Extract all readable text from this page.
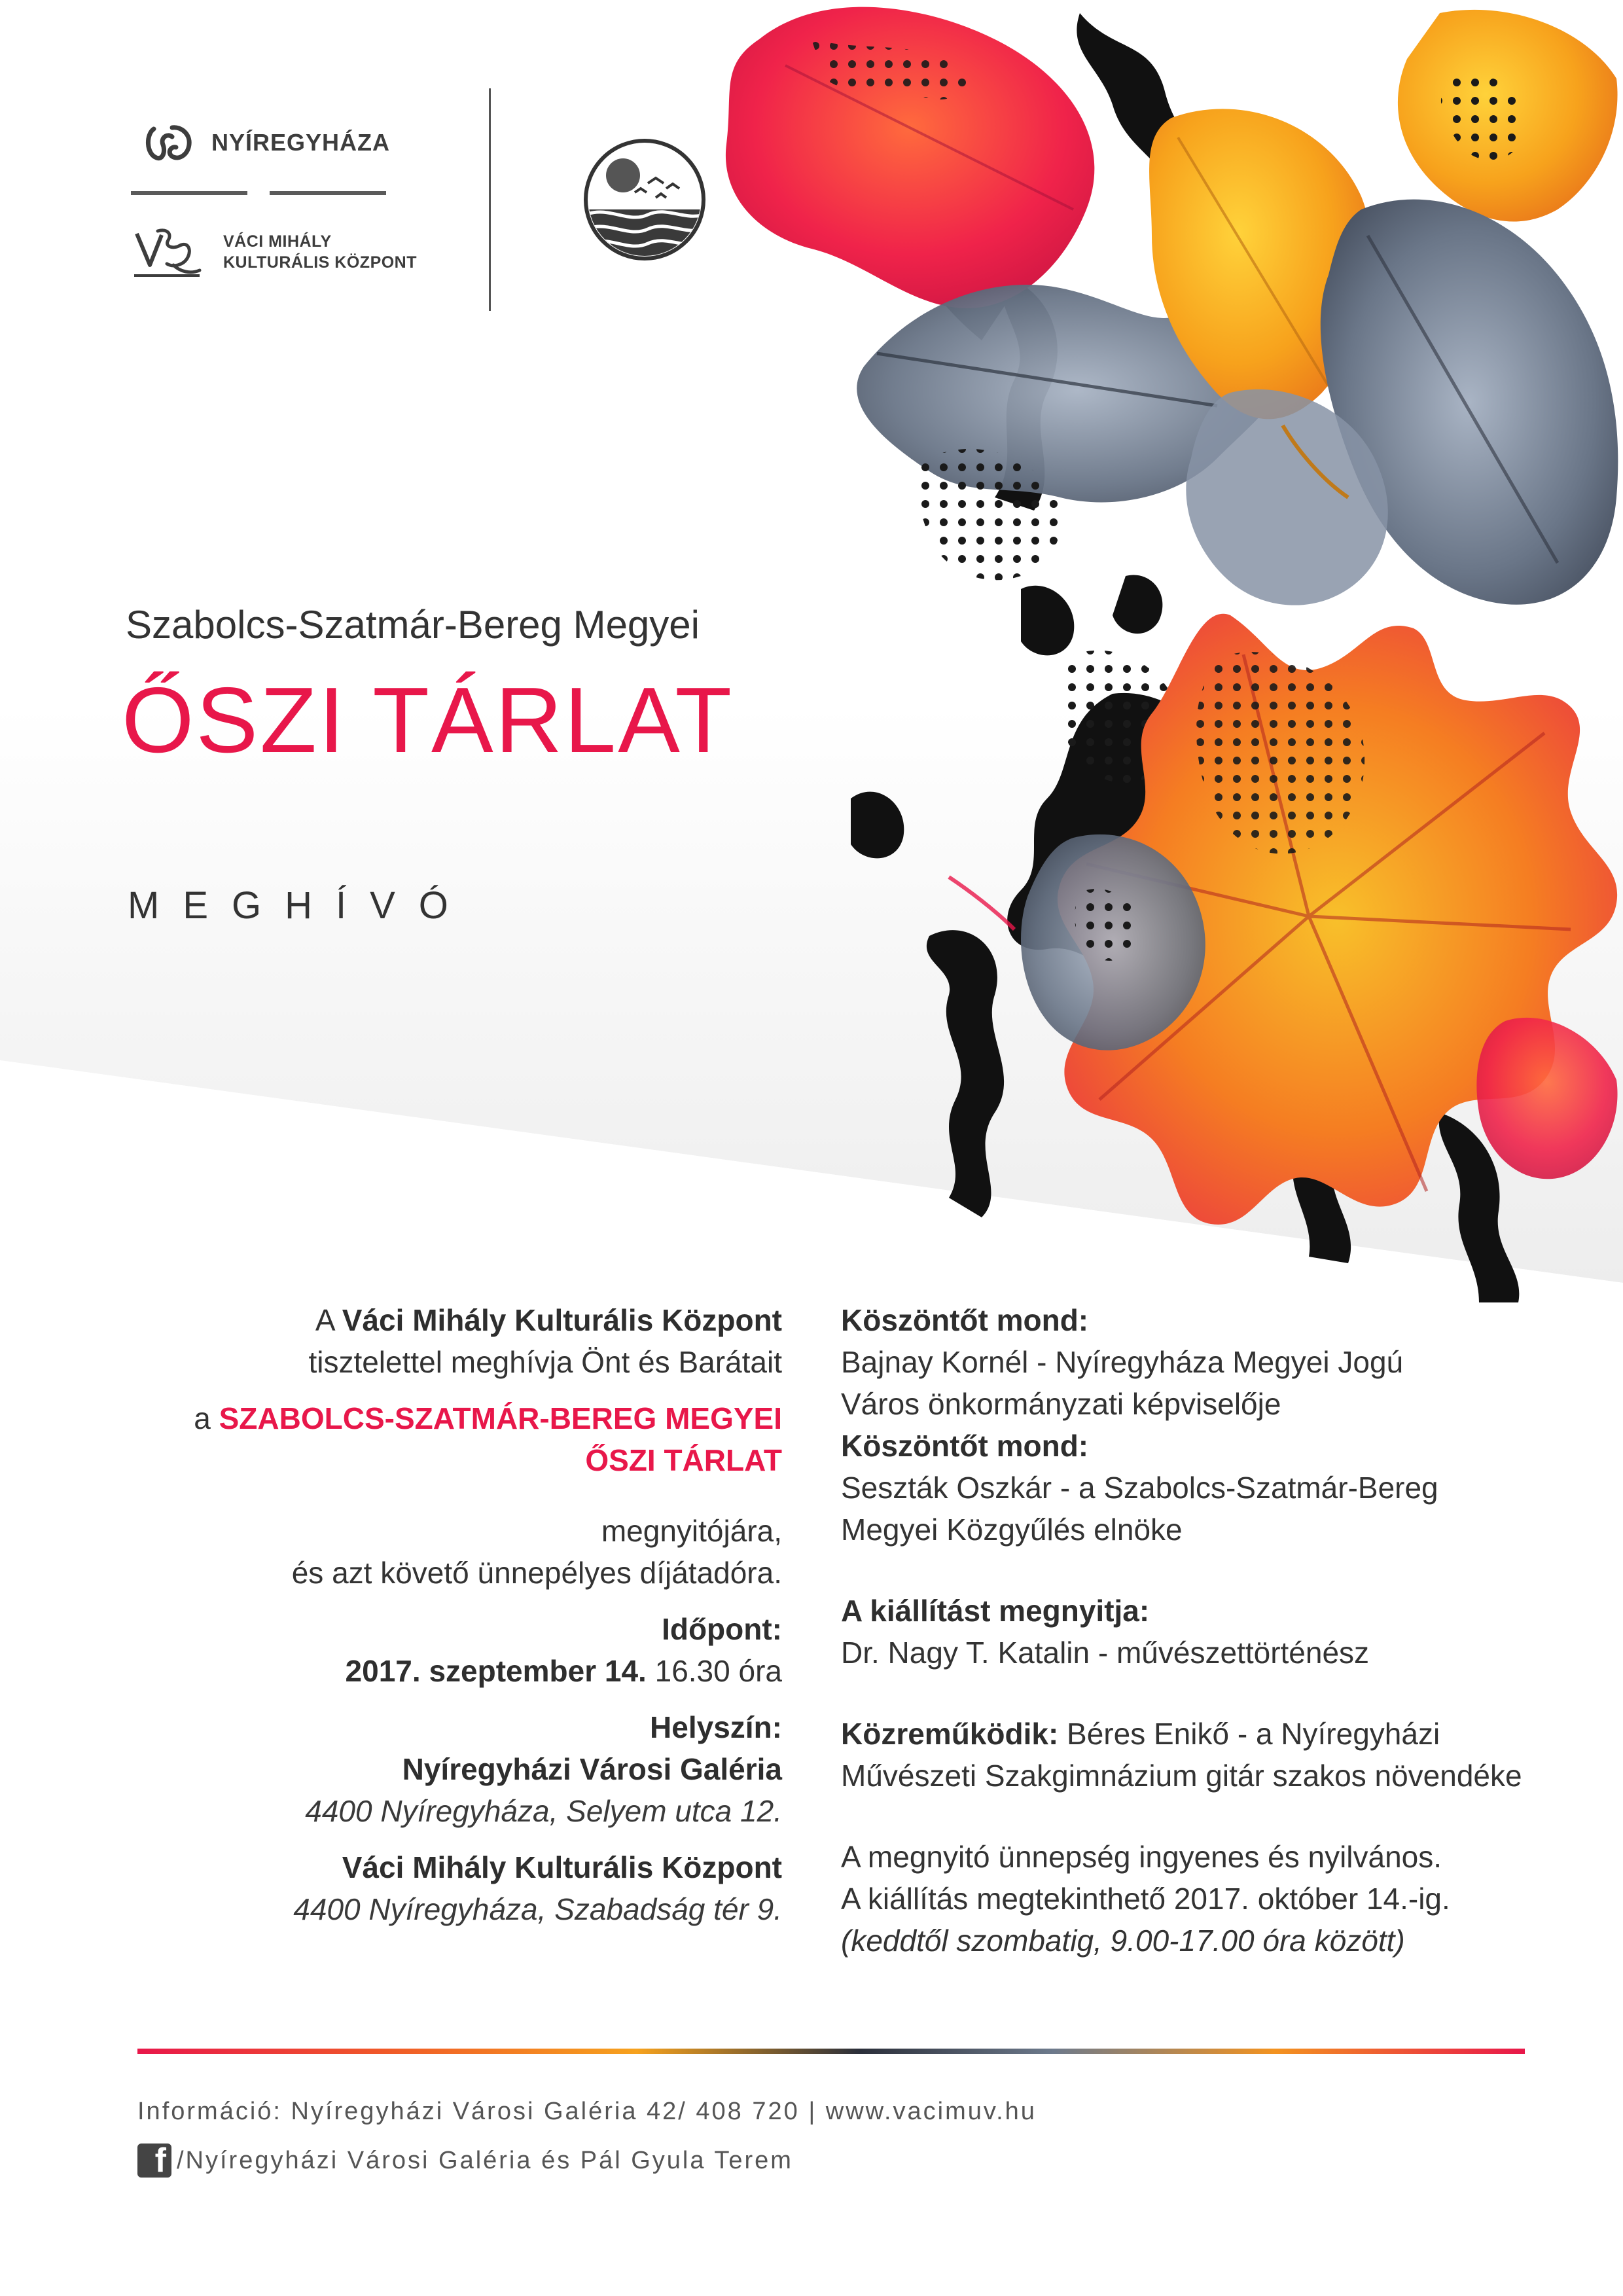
NYÍREGYHÁZA
VÁCI MIHÁLY
KULTURÁLIS KÖZPONT
Szabolcs-Szatmár-Bereg Megyei
ŐSZI TÁRLAT
MEGHÍVÓ

A Váci Mihály Kulturális Központ

tisztelettel meghívja Önt és Barátait

a SZABOLCS-SZATMÁR-BEREG MEGYEI

ŐSZI TÁRLAT

megnyitójára,

és azt követő ünnepélyes díjátadóra.

Időpont:

2017. szeptember 14. 16.30 óra

Helyszín:

Nyíregyházi Városi Galéria

4400 Nyíregyháza, Selyem utca 12.

Váci Mihály Kulturális Központ

4400 Nyíregyháza, Szabadság tér 9.

Köszöntőt mond:

Bajnay Kornél - Nyíregyháza Megyei Jogú

Város önkormányzati képviselője

Köszöntőt mond:

Seszták Oszkár - a Szabolcs-Szatmár-Bereg

Megyei Közgyűlés elnöke

A kiállítást megnyitja:

Dr. Nagy T. Katalin - művészettörténész

Közreműködik: Béres Enikő - a Nyíregyházi

Művészeti Szakgimnázium gitár szakos növendéke

A megnyitó ünnepség ingyenes és nyilvános.

A kiállítás megtekinthető 2017. október 14.-ig.

(keddtől szombatig, 9.00-17.00 óra között)

Információ: Nyíregyházi Városi Galéria 42/ 408 720 | www.vacimuv.hu
f /Nyíregyházi Városi Galéria és Pál Gyula Terem
